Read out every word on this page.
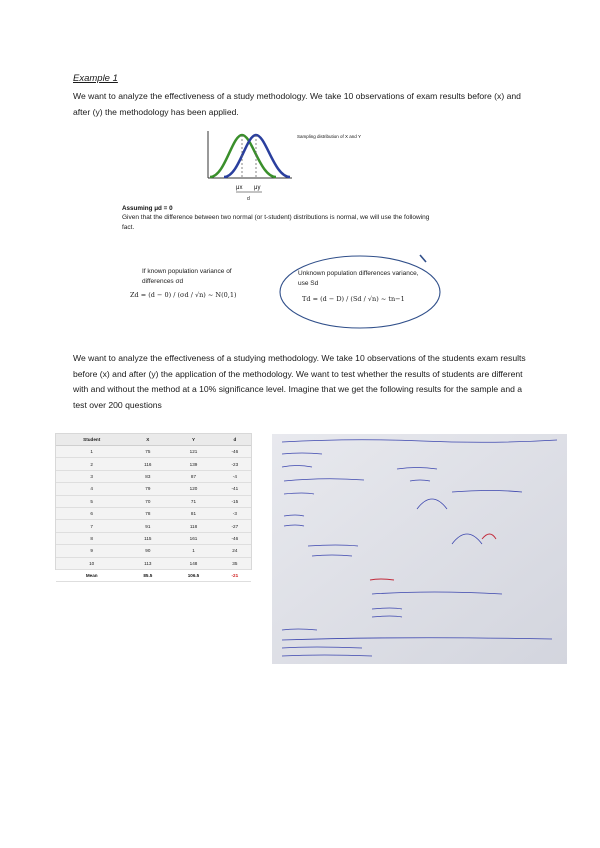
Example 1
We want to analyze the effectiveness of a study methodology. We take 10 observations of exam results before (x) and after (y) the methodology has been applied.
Sampling distribution of X and Y
μx μy
d
Assuming μd = 0
Given that the difference between two normal (or t-student) distributions is normal, we will use the following fact.
If known population variance of differences σd
Zd = (d − 0) / (σd / √n) ~ N(0,1)
Unknown population differences variance, use Sd
Td = (d − D) / (Sd / √n) ~ tn−1
We want to analyze the effectiveness of a studying methodology. We take 10 observations of the students exam results before (x) and after (y) the application of the methodology. We want to test whether the results of students are different with and without the method at a 10% significance level. Imagine that we get the following results for the sample and a test over 200 questions
Student	X	Y	d
1	75	121	-46
2	116	139	-23
3	83	87	-4
4	79	120	-41
5	70	71	-15
6	78	81	-3
7	91	118	-27
8	115	161	-46
9	90	1	24
10	113	148	35
Mean	85.5	106.5	-21
